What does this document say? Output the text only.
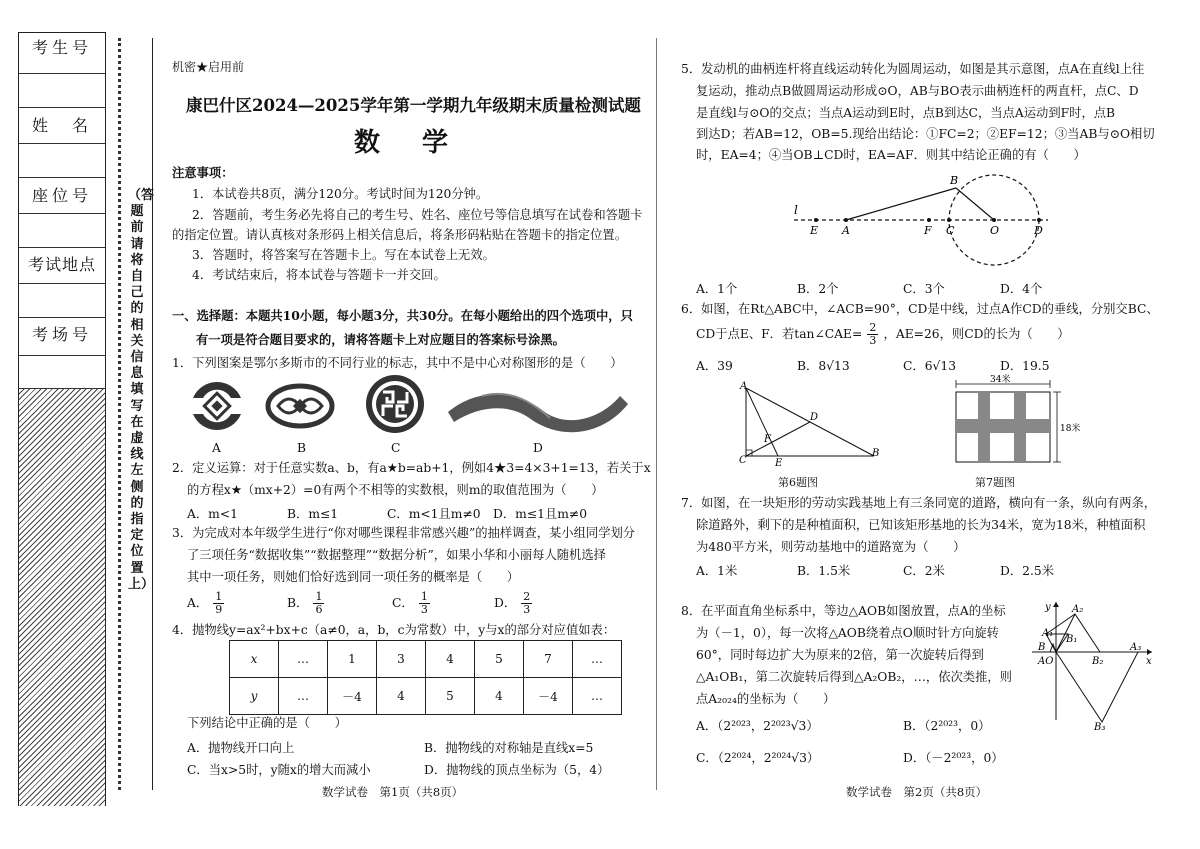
考生号
姓　名
座位号
考试地点
考场号
（答题前请将自己的相关信息填写在虚线左侧的指定位置上）
机密★启用前
康巴什区2024—2025学年第一学期九年级期末质量检测试题
数　学
注意事项：
1．本试卷共8页，满分120分。考试时间为120分钟。
2．答题前，考生务必先将自己的考生号、姓名、座位号等信息填写在试卷和答题卡
的指定位置。请认真核对条形码上相关信息后，将条形码粘贴在答题卡的指定位置。
3．答题时，将答案写在答题卡上。写在本试卷上无效。
4．考试结束后，将本试卷与答题卡一并交回。
一、选择题：本题共10小题，每小题3分，共30分。在每小题给出的四个选项中，只
有一项是符合题目要求的，请将答题卡上对应题目的答案标号涂黑。
1．下列图案是鄂尔多斯市的不同行业的标志，其中不是中心对称图形的是（　　）
A	B	C	D
2．定义运算：对于任意实数a、b，有a★b=ab+1，例如4★3=4×3+1=13，若关于x
的方程x★（mx+2）=0有两个不相等的实数根，则m的取值范围为（　　）
A．m<1	B．m≤1	C．m<1且m≠0 D．m≤1且m≠0
3．为完成对本年级学生进行“你对哪些课程非常感兴趣”的抽样调查，某小组同学划分
了三项任务“数据收集”“数据整理”“数据分析”，如果小华和小丽每人随机选择
其中一项任务，则她们恰好选到同一项任务的概率是（　　）
A． $\frac{1}{9}$	B． $\frac{1}{6}$	C． $\frac{1}{3}$	D． $\frac{2}{3}$
4．抛物线y=ax²+bx+c（a≠0，a，b，c为常数）中，y与x的部分对应值如表：
x	…	1	3	4	5	7	…
y	…	－4	4	5	4	－4	…
下列结论中正确的是（　　）
A．抛物线开口向上	B．抛物线的对称轴是直线x=5
C．当x>5时，y随x的增大而减小	D．抛物线的顶点坐标为（5，4）
数学试卷　第1页（共8页）
5．发动机的曲柄连杆将直线运动转化为圆周运动，如图是其示意图，点A在直线l上往
复运动，推动点B做圆周运动形成⊙O，AB与BO表示曲柄连杆的两直杆，点C、D
是直线l与⊙O的交点；当点A运动到E时，点B到达C，当点A运动到F时，点B
到达D；若AB=12，OB=5.现给出结论：①FC=2；②EF=12；③当AB与⊙O相切
时，EA=4；④当OB⊥CD时，EA=AF．则其中结论正确的有（　　）
l
E A	F C	O	D
B
A．1个	B．2个	C．3个	D．4个
6．如图，在Rt△ABC中，∠ACB=90°，CD是中线，过点A作CD的垂线，分别交BC、
CD于点E、F．若tan∠CAE= $\frac{2}{3}$ ，AE=26，则CD的长为（　　）
A．39	B．8√13	C．6√13	D．19.5
A
B
C
D
E
F
第6题图
34米
18米
第7题图
7．如图，在一块矩形的劳动实践基地上有三条同宽的道路，横向有一条，纵向有两条，
除道路外，剩下的是种植面积，已知该矩形基地的长为34米，宽为18米，种植面积
为480平方米，则劳动基地中的道路宽为（　　）
A．1米	B．1.5米	C．2米	D．2.5米
8．在平面直角坐标系中，等边△AOB如图放置，点A的坐标
为（－1，0），每一次将△AOB绕着点O顺时针方向旋转
60°，同时每边扩大为原来的2倍，第一次旋转后得到
△A₁OB₁，第二次旋转后得到△A₂OB₂，…，依次类推，则
点A₂₀₂₄的坐标为（　　）
y
x
A₁
A₂
A₃
B
B₁
B₂
B₃
AO
A．（2²⁰²³，2²⁰²³√3）	B．（2²⁰²³，0）
C．（2²⁰²⁴，2²⁰²⁴√3）	D．（－2²⁰²³，0）
数学试卷　第2页（共8页）
